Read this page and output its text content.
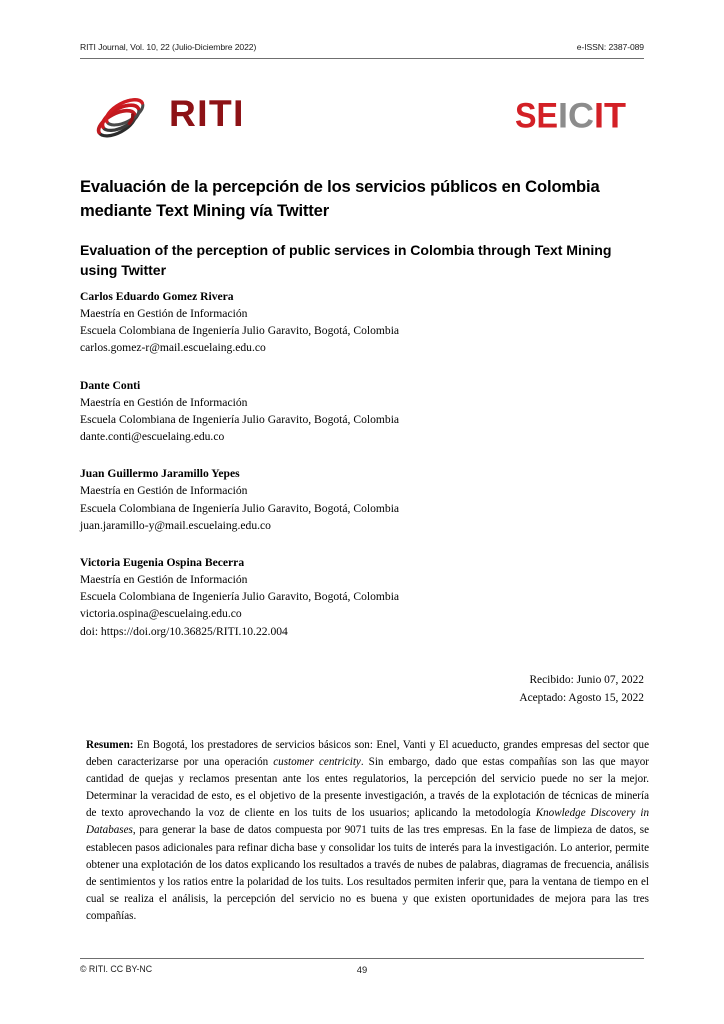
RITI Journal, Vol. 10, 22 (Julio-Diciembre 2022)	e-ISSN: 2387-089
RITI	SE IC IT
Evaluación de la percepción de los servicios públicos en Colombia mediante Text Mining vía Twitter
Evaluation of the perception of public services in Colombia through Text Mining using Twitter
Carlos Eduardo Gomez Rivera
Maestría en Gestión de Información
Escuela Colombiana de Ingeniería Julio Garavito, Bogotá, Colombia
carlos.gomez-r@mail.escuelaing.edu.co
Dante Conti
Maestría en Gestión de Información
Escuela Colombiana de Ingeniería Julio Garavito, Bogotá, Colombia
dante.conti@escuelaing.edu.co
Juan Guillermo Jaramillo Yepes
Maestría en Gestión de Información
Escuela Colombiana de Ingeniería Julio Garavito, Bogotá, Colombia
juan.jaramillo-y@mail.escuelaing.edu.co
Victoria Eugenia Ospina Becerra
Maestría en Gestión de Información
Escuela Colombiana de Ingeniería Julio Garavito, Bogotá, Colombia
victoria.ospina@escuelaing.edu.co
doi: https://doi.org/10.36825/RITI.10.22.004
Recibido: Junio 07, 2022
Aceptado: Agosto 15, 2022

Resumen: En Bogotá, los prestadores de servicios básicos son: Enel, Vanti y El acueducto, grandes empresas del sector que deben caracterizarse por una operación customer centricity. Sin embargo, dado que estas compañías son las que mayor cantidad de quejas y reclamos presentan ante los entes regulatorios, la percepción del servicio puede no ser la mejor. Determinar la veracidad de esto, es el objetivo de la presente investigación, a través de la explotación de técnicas de minería de texto aprovechando la voz de cliente en los tuits de los usuarios; aplicando la metodología Knowledge Discovery in Databases, para generar la base de datos compuesta por 9071 tuits de las tres empresas. En la fase de limpieza de datos, se establecen pasos adicionales para refinar dicha base y consolidar los tuits de interés para la investigación. Lo anterior, permite obtener una explotación de los datos explicando los resultados a través de nubes de palabras, diagramas de frecuencia, análisis de sentimientos y los ratios entre la polaridad de los tuits. Los resultados permiten inferir que, para la ventana de tiempo en el cual se realiza el análisis, la percepción del servicio no es buena y que existen oportunidades de mejora para las tres compañías.

© RITI. CC BY-NC	49
